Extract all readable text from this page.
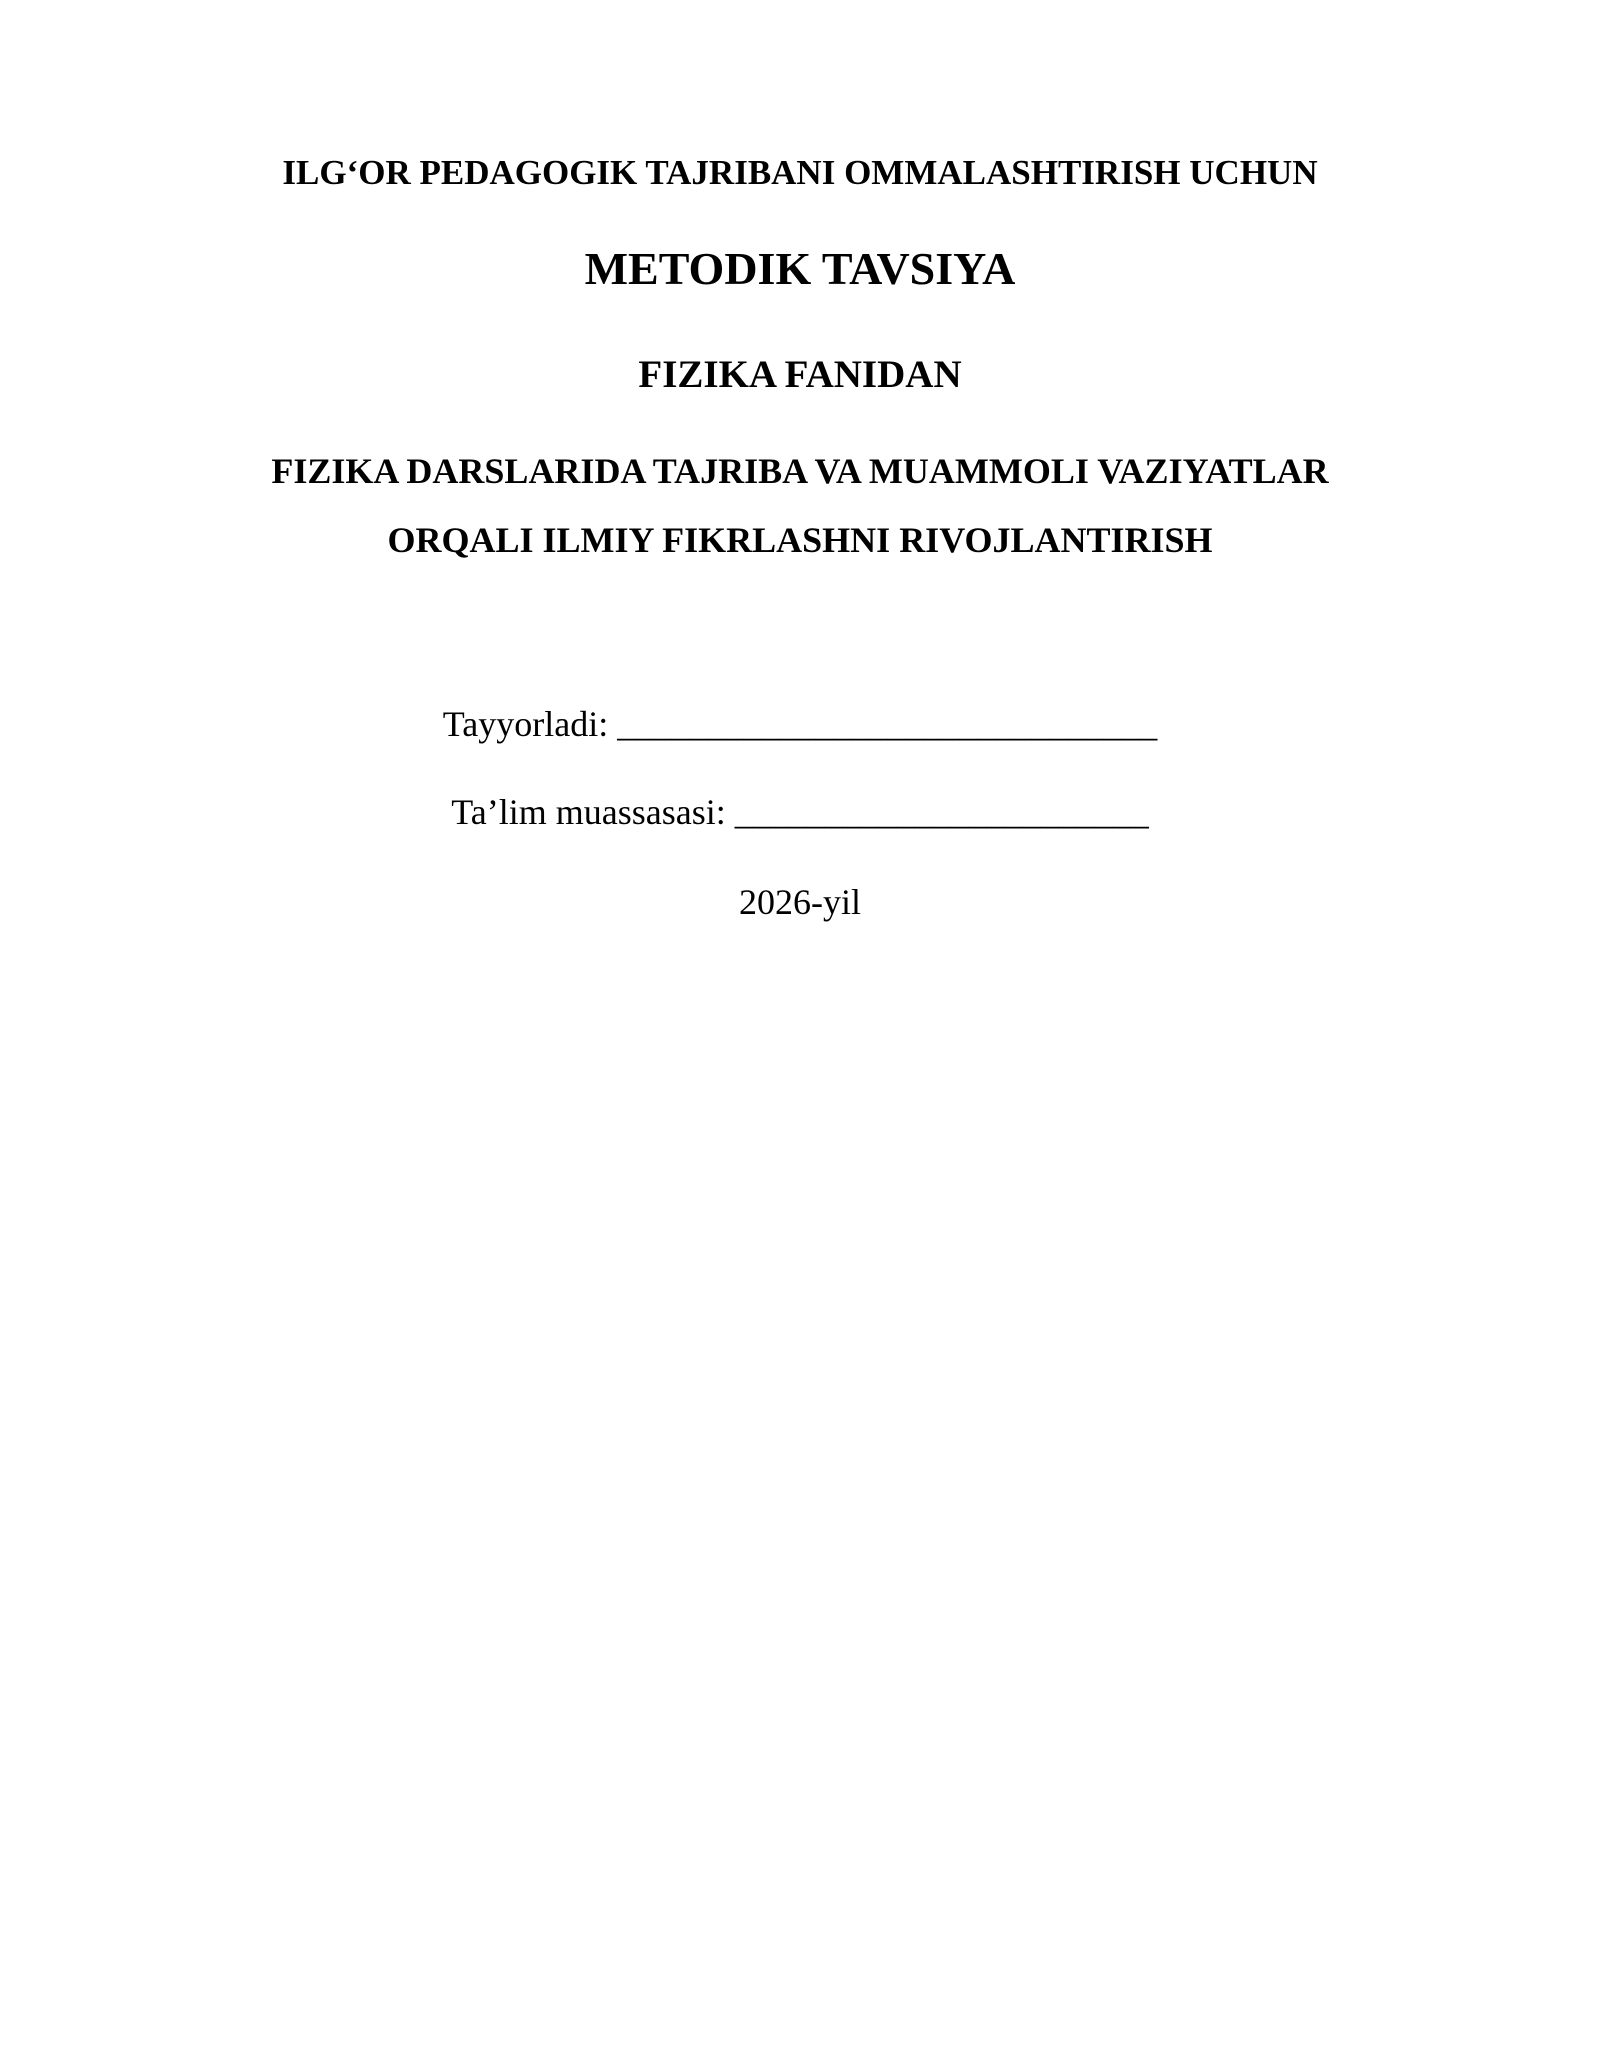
ILG‘OR PEDAGOGIK TAJRIBANI OMMALASHTIRISH UCHUN
METODIK TAVSIYA
FIZIKA FANIDAN
FIZIKA DARSLARIDA TAJRIBA VA MUAMMOLI VAZIYATLAR
ORQALI ILMIY FIKRLASHNI RIVOJLANTIRISH
Tayyorladi: ______________________________
Ta’lim muassasasi: _______________________
2026-yil
